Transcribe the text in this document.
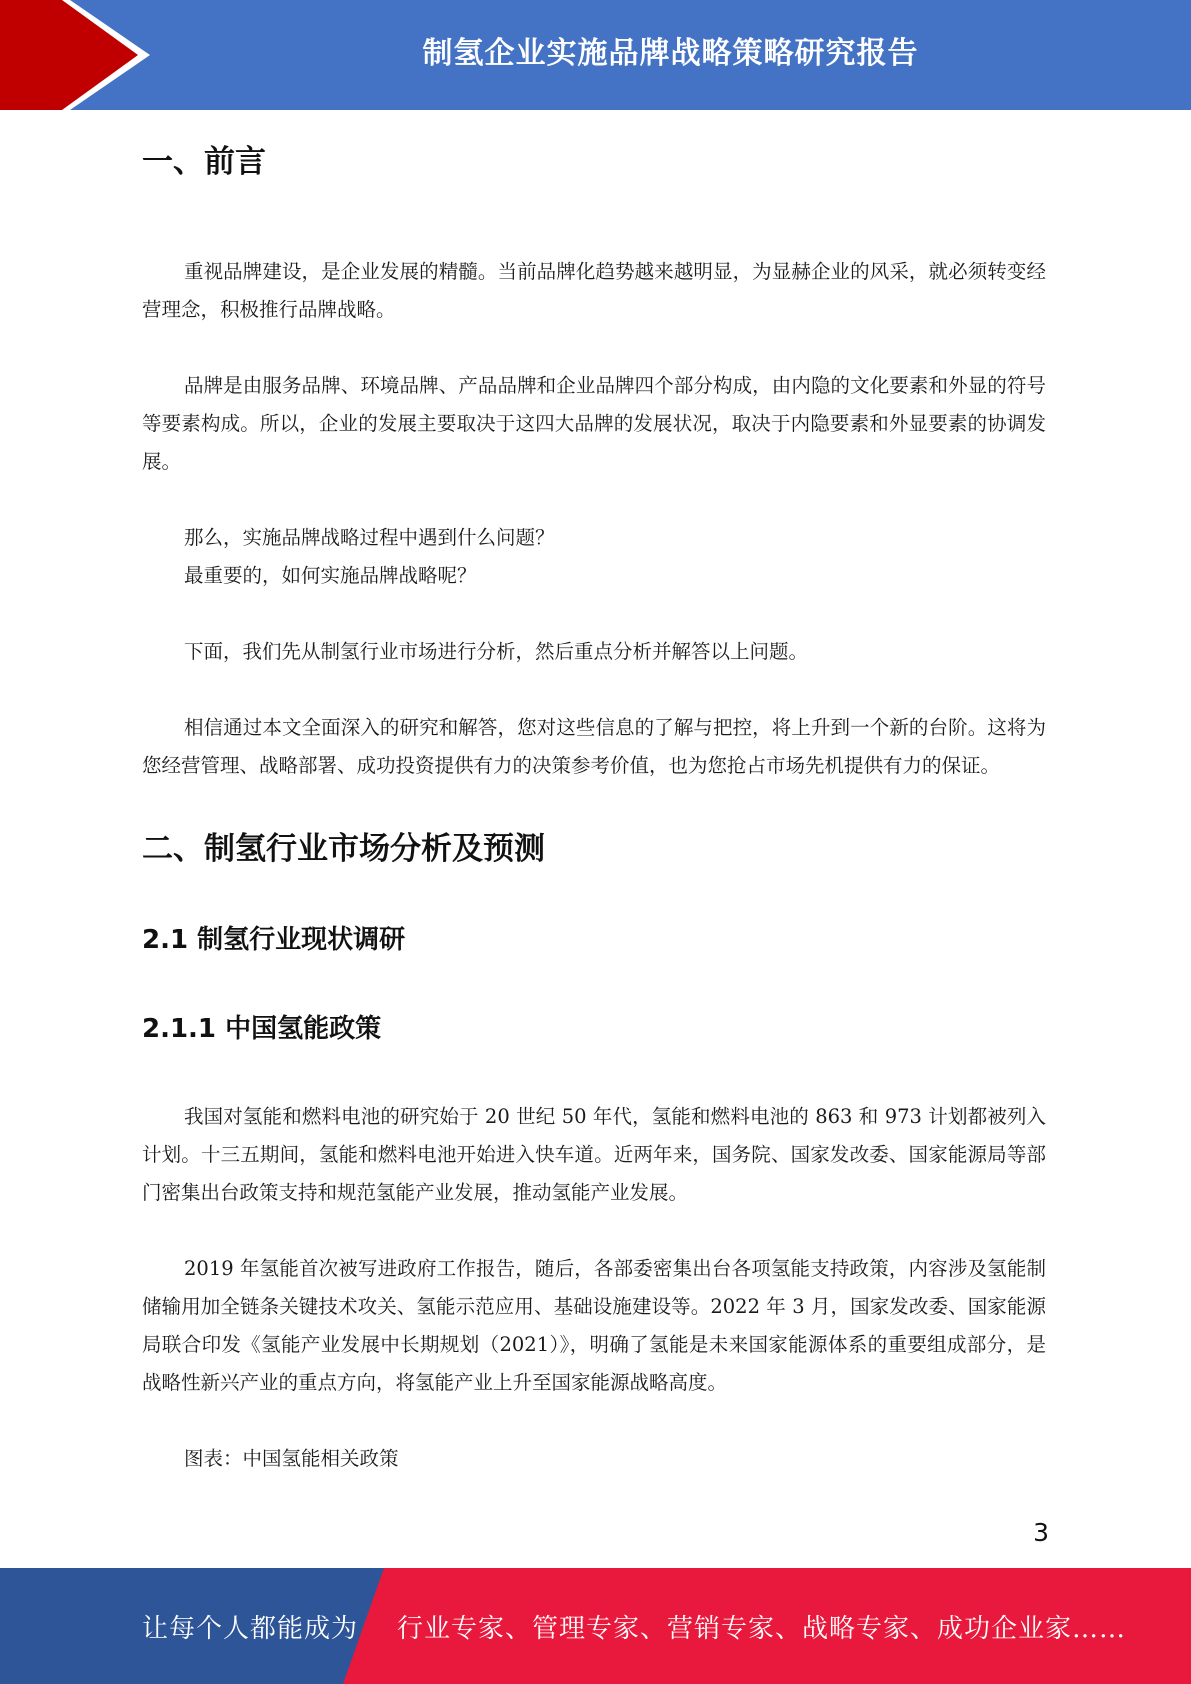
制氢企业实施品牌战略策略研究报告
一、前言

重视品牌建设，是企业发展的精髓。当前品牌化趋势越来越明显，为显赫企业的风采，就必须转变经营理念，积极推行品牌战略。

品牌是由服务品牌、环境品牌、产品品牌和企业品牌四个部分构成，由内隐的文化要素和外显的符号等要素构成。所以，企业的发展主要取决于这四大品牌的发展状况，取决于内隐要素和外显要素的协调发展。

那么，实施品牌战略过程中遇到什么问题？

最重要的，如何实施品牌战略呢？

下面，我们先从制氢行业市场进行分析，然后重点分析并解答以上问题。

相信通过本文全面深入的研究和解答，您对这些信息的了解与把控，将上升到一个新的台阶。这将为您经营管理、战略部署、成功投资提供有力的决策参考价值，也为您抢占市场先机提供有力的保证。

二、制氢行业市场分析及预测
2.1 制氢行业现状调研
2.1.1 中国氢能政策

我国对氢能和燃料电池的研究始于 20 世纪 50 年代，氢能和燃料电池的 863 和 973 计划都被列入计划。十三五期间，氢能和燃料电池开始进入快车道。近两年来，国务院、国家发改委、国家能源局等部门密集出台政策支持和规范氢能产业发展，推动氢能产业发展。

2019 年氢能首次被写进政府工作报告，随后，各部委密集出台各项氢能支持政策，内容涉及氢能制储输用加全链条关键技术攻关、氢能示范应用、基础设施建设等。2022 年 3 月，国家发改委、国家能源局联合印发《氢能产业发展中长期规划（2021）》，明确了氢能是未来国家能源体系的重要组成部分，是战略性新兴产业的重点方向，将氢能产业上升至国家能源战略高度。

图表：中国氢能相关政策

3
让每个人都能成为 行业专家、管理专家、营销专家、战略专家、成功企业家……
